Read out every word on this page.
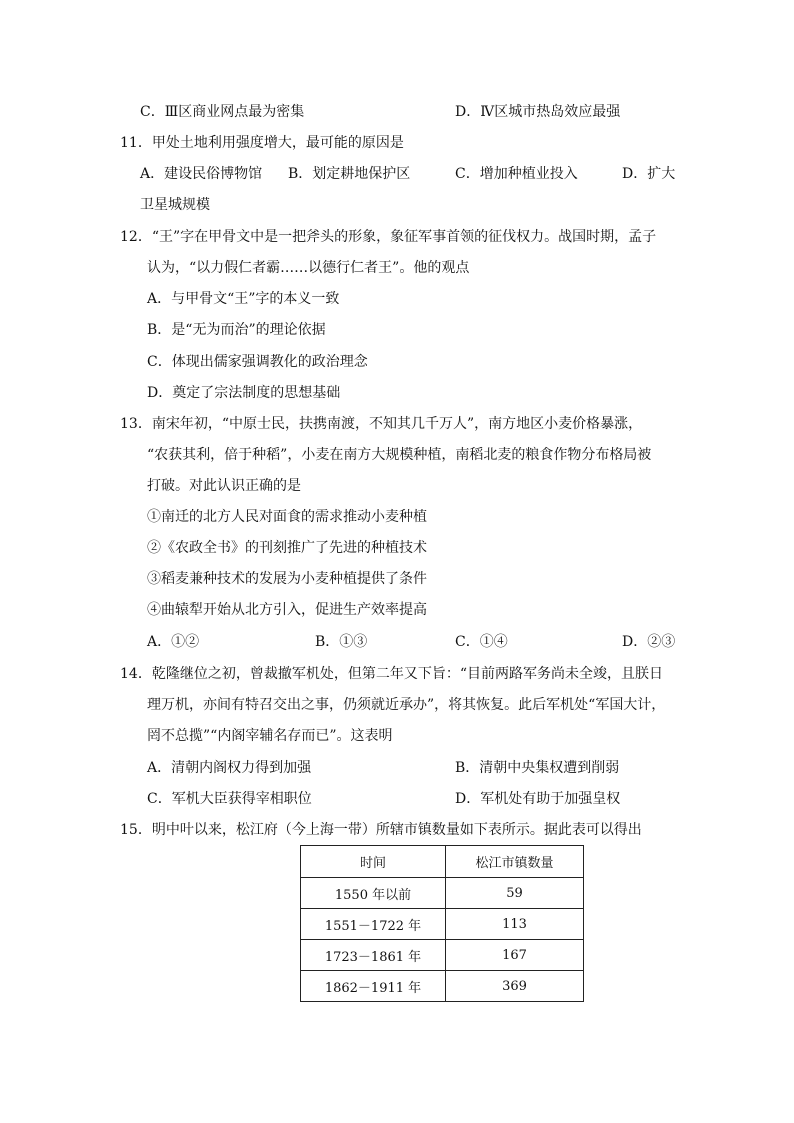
C．Ⅲ区商业网点最为密集	D．Ⅳ区城市热岛效应最强
11．甲处土地利用强度增大，最可能的原因是
A．建设民俗博物馆 B．划定耕地保护区	C．增加种植业投入	D．扩大
卫星城规模
12．“王”字在甲骨文中是一把斧头的形象，象征军事首领的征伐权力。战国时期，孟子
认为，“以力假仁者霸……以德行仁者王”。他的观点
A．与甲骨文“王”字的本义一致
B．是“无为而治”的理论依据
C．体现出儒家强调教化的政治理念
D．奠定了宗法制度的思想基础
13．南宋年初，“中原士民，扶携南渡，不知其几千万人”，南方地区小麦价格暴涨，
“农获其利，倍于种稻”，小麦在南方大规模种植，南稻北麦的粮食作物分布格局被
打破。对此认识正确的是
①南迁的北方人民对面食的需求推动小麦种植
②《农政全书》的刊刻推广了先进的种植技术
③稻麦兼种技术的发展为小麦种植提供了条件
④曲辕犁开始从北方引入，促进生产效率提高
A．①②	B．①③	C．①④	D．②③
14．乾隆继位之初，曾裁撤军机处，但第二年又下旨：“目前两路军务尚未全竣，且朕日
理万机，亦间有特召交出之事，仍须就近承办”，将其恢复。此后军机处“军国大计，
罔不总揽”“内阁宰辅名存而已”。这表明
A．清朝内阁权力得到加强	B．清朝中央集权遭到削弱
C．军机大臣获得宰相职位	D．军机处有助于加强皇权
15．明中叶以来，松江府（今上海一带）所辖市镇数量如下表所示。据此表可以得出
时间	松江市镇数量
1550 年以前	59
1551－1722 年	113
1723－1861 年	167
1862－1911 年	369
